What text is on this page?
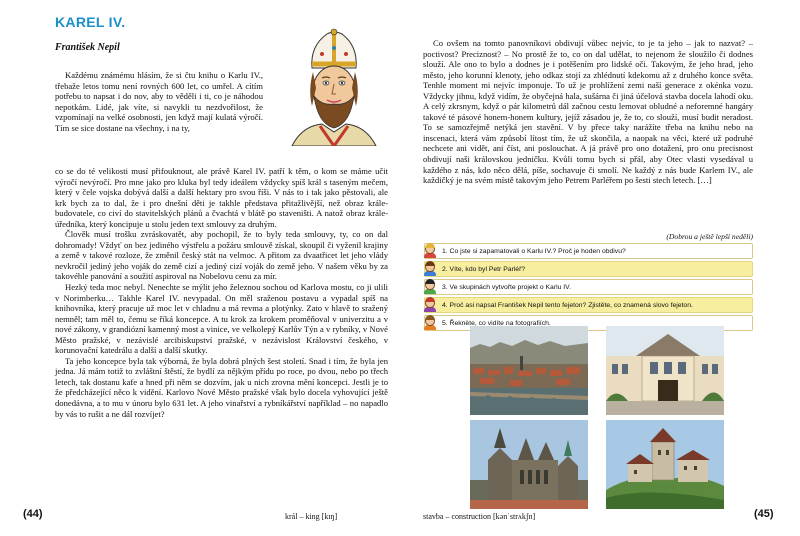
KAREL IV.
František Nepil

Každému známému hlásím, že si čtu knihu o Karlu IV., třebaže letos tomu není rovných 600 let, co umřel. A cítím potřebu to napsat i do nov, aby to věděli i ti, co je náhodou nepotkám. Lidé, jak víte, si navykli tu nezdvořilost, že vzpomínají na velké osobnosti, jen když mají kulatá výročí. Tím se sice dostane na všechny, i na ty,

co se do té velikosti musí přifouknout, ale právě Karel IV. patří k těm, o kom se máme učit výročí nevýročí. Pro mne jako pro kluka byl tedy ideálem vždycky spíš král s taseným mečem, který v čele vojska dobývá další a další hektary pro svou říši. V nás to i tak jako pěstovali, ale krk bych za to dal, že i pro dnešní děti je takhle představa přitažlivější, než obraz krále-budovatele, co civí do stavitelských plánů a čvachtá v blátě po staveništi. A natož obraz krále-úředníka, který koncipuje u stolu jeden text smlouvy za druhým.

Člověk musí trošku zvráskovatět, aby pochopil, že to byly teda smlouvy, ty, co on dal dohromady! Vždyť on bez jediného výstřelu a požáru smlouvě získal, skoupil či vyženil krajiny a země v takové rozloze, že změnil český stát na velmoc. A přitom za dvaatřicet let jeho vlády nevkročil jediný jeho voják do země cizí a jediný cizí voják do země jeho. V našem věku by za takovéhle panování a soužití aspiroval na Nobelovu cenu za mír.

Hezký teda moc nebyl. Nenechte se mýlit jeho železnou sochou od Karlova mostu, co ji ulili v Norimberku… Takhle Karel IV. nevypadal. On měl sraženou postavu a vypadal spíš na knihovníka, který pracuje už moc let v chladnu a má revma a plotýnky. Zato v hlavě to sražený nemněl; tam měl to, čemu se říká koncepce. A tu krok za krokem proměňoval v univerzitu a v nové zákony, v grandiózní kamenný most a vinice, ve velkolepý Karlův Týn a v rybníky, v Nové Město pražské, v nezávislé arcibiskupství pražské, v nezávislost Království českého, v korunovační katedrálu a další a další skutky.

Ta jeho koncepce byla tak výborná, že byla dobrá plných šest století. Snad i tím, že byla jen jedna. Já mám totiž to zvláštní štěstí, že bydlí za nějkým přídu po roce, po dvou, nebo po třech letech, tak dostanu kafe a hned při něm se dozvím, jak u nich zrovna mění koncepci. Jestli je to že předcházející něco k vidění. Karlovo Nové Město pražské však bylo docela vyhovující ještě donedávna, a to mu v únoru bylo 631 let. A jeho vinařství a rybníkářství například – no napadlo by vás to rušit a ne dál rozvíjet?

(44)	král – king [kɪŋ]

Co ovšem na tomto panovníkovi obdivují vůbec nejvíc, to je ta jeho – jak to nazvat? – poctivost? Preciznost? – No prostě že to, co on dal udělat, to nejenom že sloužilo či dodnes slouží. Ale ono to bylo a dodnes je i potěšením pro lidské oči. Takovým, že jeho hrad, jeho město, jeho korunní klenoty, jeho odkaz stojí za zhlédnutí kdekomu až z druhého konce světa. Tenhle moment mi nejvíc imponuje. To už je prohlížení zemi naší generace z okénka vozu. Vždycky jihnu, když vidím, že obyčejná hala, sušárna či jiná účelová stavba docela lahodí oku. A celý zkrsnym, když o pár kilometrů dál začnou cestu lemovat obludné a neforemné hangáry takové té pásové honem-honem kultury, jejíž zásadou je, že to, co slouží, musí budit neradost. To se samozřejmě netýká jen stavění. V by přece taky narážíte třeba na knihu nebo na inscenaci, která vám způsobí lítost tím, že už skončila, a naopak na věci, které už podruhé nechcete ani vidět, ani číst, ani poslouchat. A já právě pro ono dotažení, pro onu precisnost obdivují naši královskou jedničku. Kvůli tomu bych si přál, aby Otec vlasti vysedával u každého z nás, kdo něco dělá, píše, sochavuje či smolí. Ne každý z nás bude Karlem IV., ale každičký je na svém místě takovým jeho Petrem Parléřem po šesti stech letech. […]

(Dobrou a ještě lepší neděli)
1. Co jste si zapamatovali o Karlu IV.? Proč je hoden obdivu?
2. Víte, kdo byl Petr Parléř?
3. Ve skupinách vytvořte projekt o Karlu IV.
4. Proč asi napsal František Nepil tento fejeton? Zjistěte, co znamená slovo fejeton.
5. Řekněte, co vidíte na fotografiích.
stavba – construction [kənˈstrʌkʃn]	(45)
